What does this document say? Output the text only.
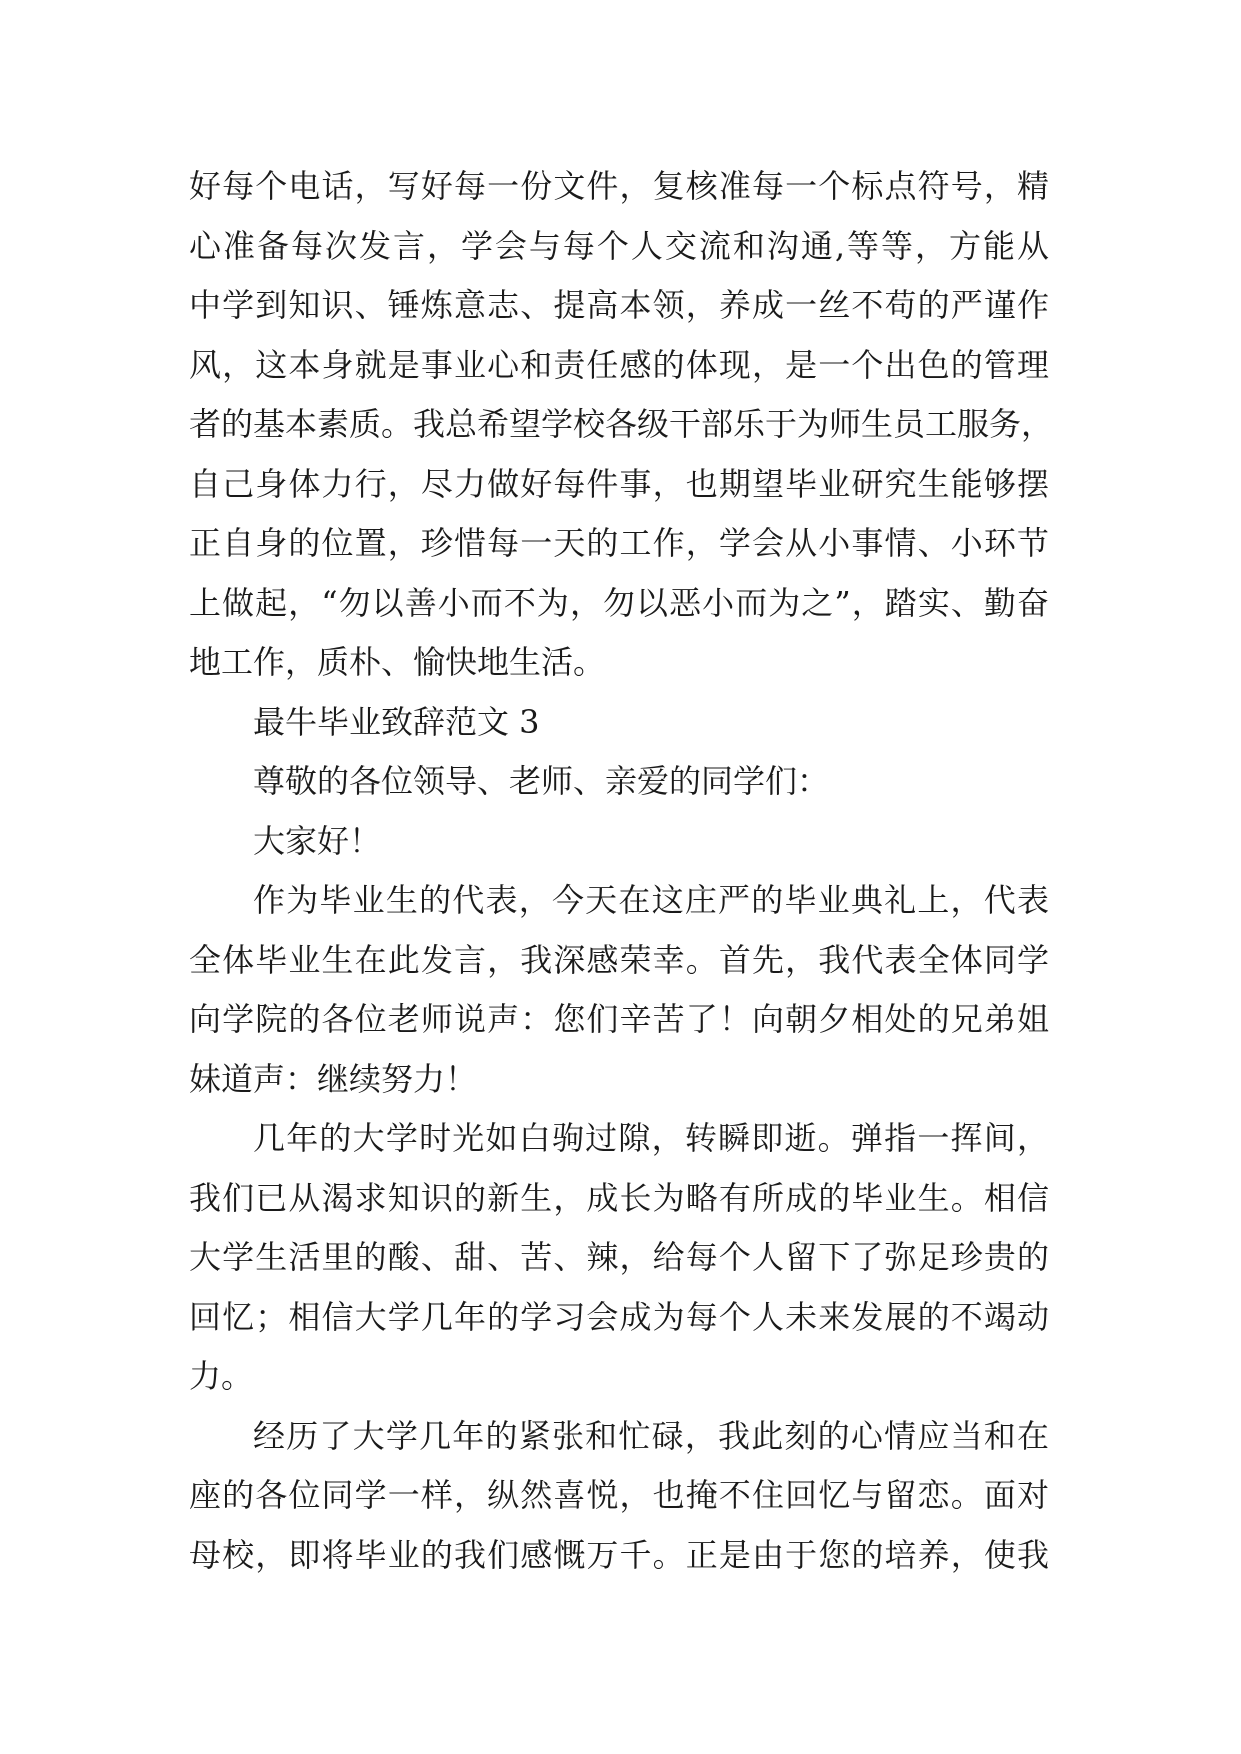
好每个电话，写好每一份文件，复核准每一个标点符号，精
心准备每次发言，学会与每个人交流和沟通,等等，方能从
中学到知识、锤炼意志、提高本领，养成一丝不苟的严谨作
风，这本身就是事业心和责任感的体现，是一个出色的管理
者的基本素质。我总希望学校各级干部乐于为师生员工服务，
自己身体力行，尽力做好每件事，也期望毕业研究生能够摆
正自身的位置，珍惜每一天的工作，学会从小事情、小环节
上做起，“勿以善小而不为，勿以恶小而为之”，踏实、勤奋
地工作，质朴、愉快地生活。
最牛毕业致辞范文 3
尊敬的各位领导、老师、亲爱的同学们：
大家好！
作为毕业生的代表，今天在这庄严的毕业典礼上，代表
全体毕业生在此发言，我深感荣幸。首先，我代表全体同学
向学院的各位老师说声：您们辛苦了！向朝夕相处的兄弟姐
妹道声：继续努力！
几年的大学时光如白驹过隙，转瞬即逝。弹指一挥间，
我们已从渴求知识的新生，成长为略有所成的毕业生。相信
大学生活里的酸、甜、苦、辣，给每个人留下了弥足珍贵的
回忆；相信大学几年的学习会成为每个人未来发展的不竭动
力。
经历了大学几年的紧张和忙碌，我此刻的心情应当和在
座的各位同学一样，纵然喜悦，也掩不住回忆与留恋。面对
母校，即将毕业的我们感慨万千。正是由于您的培养，使我
